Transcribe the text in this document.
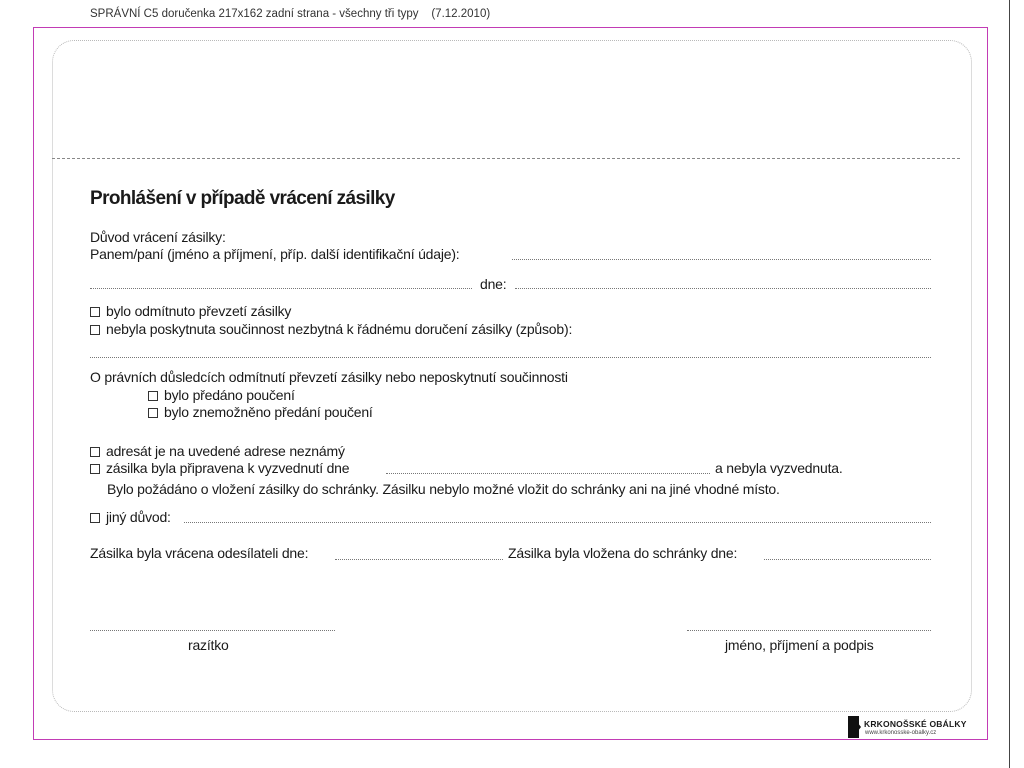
SPRÁVNÍ C5 doručenka 217x162 zadní strana - všechny tři typy (7.12.2010)
Prohlášení v případě vrácení zásilky
Důvod vrácení zásilky:
Panem/paní (jméno a příjmení, příp. další identifikační údaje):
dne:
bylo odmítnuto převzetí zásilky
nebyla poskytnuta součinnost nezbytná k řádnému doručení zásilky (způsob):
O právních důsledcích odmítnutí převzetí zásilky nebo neposkytnutí součinnosti
bylo předáno poučení
bylo znemožněno předání poučení
adresát je na uvedené adrese neznámý
zásilka byla připravena k vyzvednutí dne	a nebyla vyzvednuta.
Bylo požádáno o vložení zásilky do schránky. Zásilku nebylo možné vložit do schránky ani na jiné vhodné místo.
jiný důvod:
Zásilka byla vrácena odesílateli dne:	Zásilka byla vložena do schránky dne:
razítko	jméno, příjmení a podpis
KRKONOŠSKÉ OBÁLKY
www.krkonosske-obalky.cz
